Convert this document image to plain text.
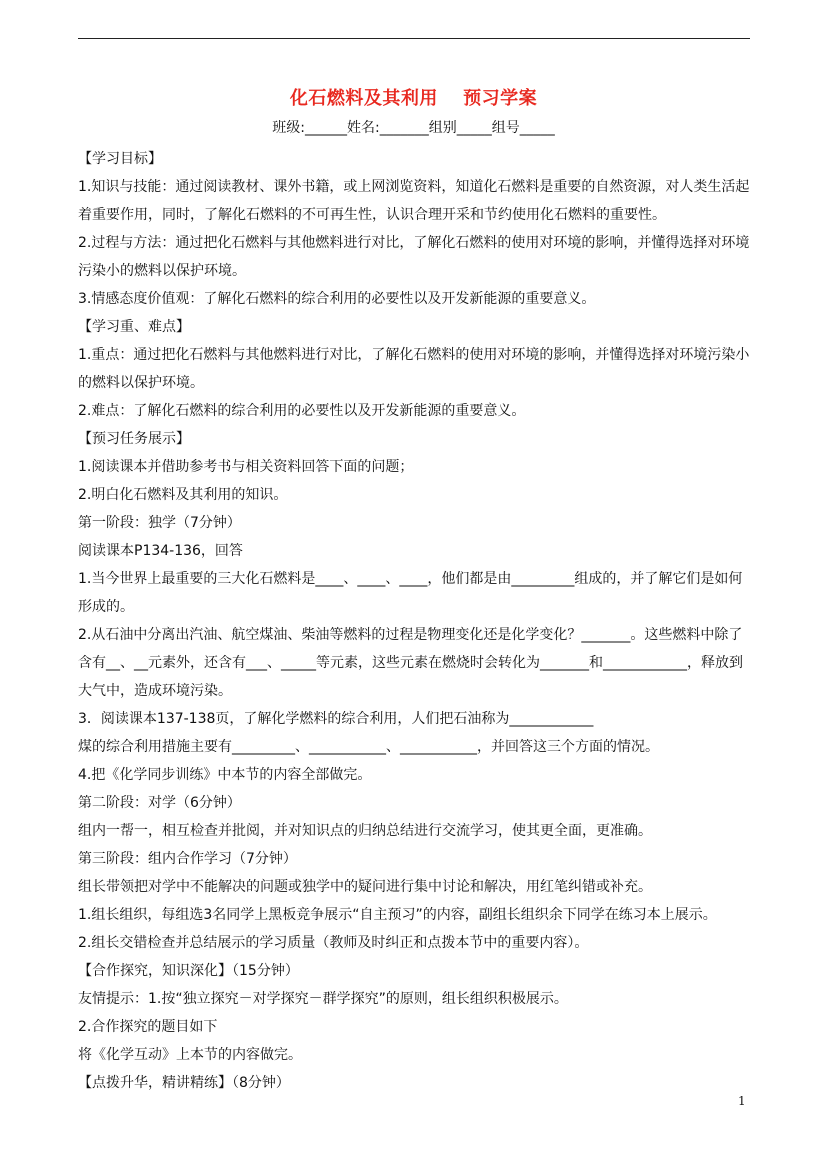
化石燃料及其利用　 预习学案
班级:______姓名:_______组别_____组号_____

【学习目标】

1.知识与技能：通过阅读教材、课外书籍，或上网浏览资料，知道化石燃料是重要的自然资源，对人类生活起着重要作用，同时，了解化石燃料的不可再生性，认识合理开采和节约使用化石燃料的重要性。

2.过程与方法：通过把化石燃料与其他燃料进行对比，了解化石燃料的使用对环境的影响，并懂得选择对环境污染小的燃料以保护环境。

3.情感态度价值观：了解化石燃料的综合利用的必要性以及开发新能源的重要意义。

【学习重、难点】

1.重点：通过把化石燃料与其他燃料进行对比，了解化石燃料的使用对环境的影响，并懂得选择对环境污染小的燃料以保护环境。

2.难点：了解化石燃料的综合利用的必要性以及开发新能源的重要意义。

【预习任务展示】

1.阅读课本并借助参考书与相关资料回答下面的问题；

2.明白化石燃料及其利用的知识。

第一阶段：独学（7分钟）

阅读课本P134-136，回答

1.当今世界上最重要的三大化石燃料是____、____、____，他们都是由_________组成的，并了解它们是如何形成的。

2.从石油中分离出汽油、航空煤油、柴油等燃料的过程是物理变化还是化学变化？_______。这些燃料中除了含有__、__元素外，还含有___、_____等元素，这些元素在燃烧时会转化为_______和____________，释放到大气中，造成环境污染。

3．阅读课本137-138页，了解化学燃料的综合利用，人们把石油称为____________

煤的综合利用措施主要有_________、___________、___________，并回答这三个方面的情况。

4.把《化学同步训练》中本节的内容全部做完。

第二阶段：对学（6分钟）

组内一帮一，相互检查并批阅，并对知识点的归纳总结进行交流学习，使其更全面，更准确。

第三阶段：组内合作学习（7分钟）

组长带领把对学中不能解决的问题或独学中的疑问进行集中讨论和解决，用红笔纠错或补充。

1.组长组织，每组选3名同学上黑板竞争展示“自主预习”的内容，副组长组织余下同学在练习本上展示。

2.组长交错检查并总结展示的学习质量（教师及时纠正和点拨本节中的重要内容）。

【合作探究，知识深化】（15分钟）

友情提示：1.按“独立探究－对学探究－群学探究”的原则，组长组织积极展示。

2.合作探究的题目如下

将《化学互动》上本节的内容做完。

【点拨升华，精讲精练】（8分钟）

1
